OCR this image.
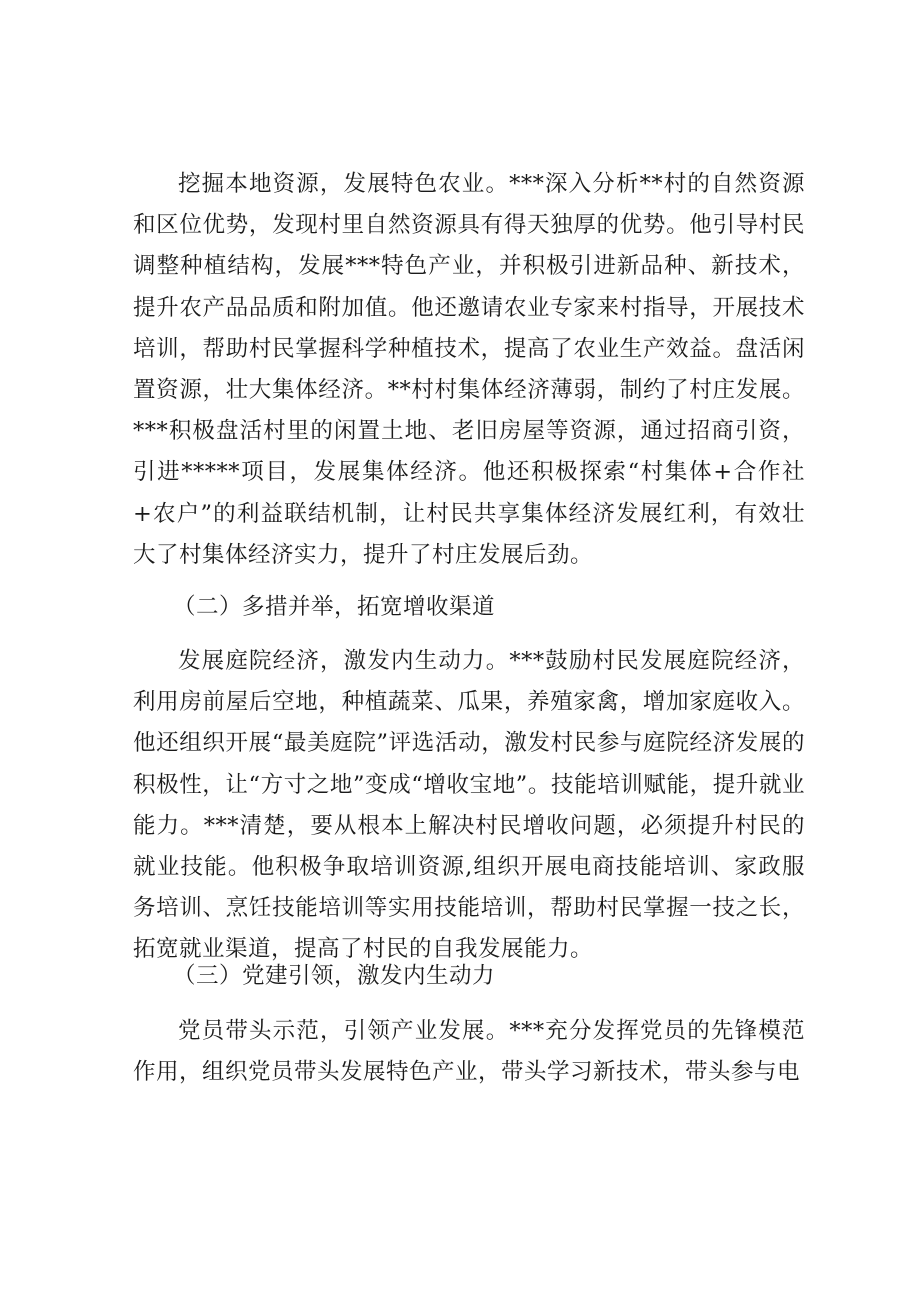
挖掘本地资源，发展特色农业。***深入分析**村的自然资源和区位优势，发现村里自然资源具有得天独厚的优势。他引导村民调整种植结构，发展***特色产业，并积极引进新品种、新技术，提升农产品品质和附加值。他还邀请农业专家来村指导，开展技术培训，帮助村民掌握科学种植技术，提高了农业生产效益。盘活闲置资源，壮大集体经济。**村村集体经济薄弱，制约了村庄发展。***积极盘活村里的闲置土地、老旧房屋等资源，通过招商引资，引进*****项目，发展集体经济。他还积极探索“村集体+合作社+农户”的利益联结机制，让村民共享集体经济发展红利，有效壮大了村集体经济实力，提升了村庄发展后劲。

（二）多措并举，拓宽增收渠道

发展庭院经济，激发内生动力。***鼓励村民发展庭院经济，利用房前屋后空地，种植蔬菜、瓜果，养殖家禽，增加家庭收入。他还组织开展“最美庭院”评选活动，激发村民参与庭院经济发展的积极性，让“方寸之地”变成“增收宝地”。技能培训赋能，提升就业能力。***清楚，要从根本上解决村民增收问题，必须提升村民的就业技能。他积极争取培训资源,组织开展电商技能培训、家政服务培训、烹饪技能培训等实用技能培训，帮助村民掌握一技之长，拓宽就业渠道，提高了村民的自我发展能力。

（三）党建引领，激发内生动力

党员带头示范，引领产业发展。***充分发挥党员的先锋模范作用，组织党员带头发展特色产业，带头学习新技术，带头参与电
